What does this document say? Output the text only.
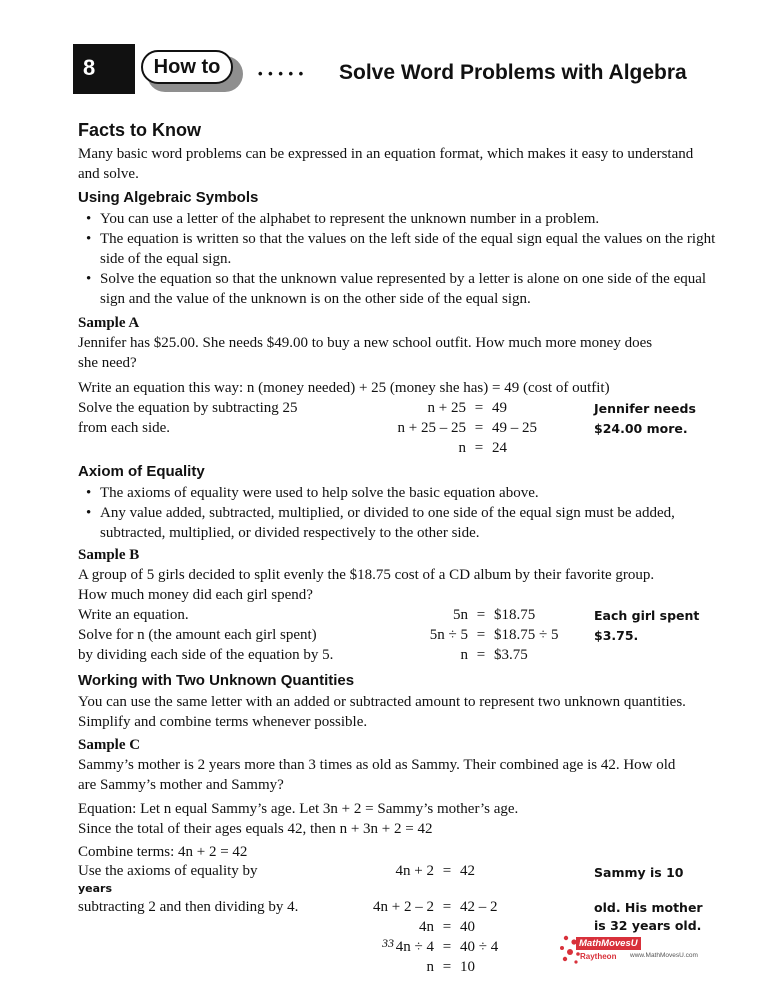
8	How to	• • • • • Solve Word Problems with Algebra
Facts to Know
Many basic word problems can be expressed in an equation format, which makes it easy to understand
and solve.
Using Algebraic Symbols
• You can use a letter of the alphabet to represent the unknown number in a problem.
• The equation is written so that the values on the left side of the equal sign equal the values on the right side of the equal sign.
• Solve the equation so that the unknown value represented by a letter is alone on one side of the equal sign and the value of the unknown is on the other side of the equal sign.
Sample A
Jennifer has $25.00. She needs $49.00 to buy a new school outfit. How much more money does
she need?
Write an equation this way: n (money needed) + 25 (money she has) = 49 (cost of outfit)
Solve the equation by subtracting 25
from each side.
n + 25	=	49
n + 25 – 25	=	49 – 25
n	=	24
Jennifer needs
$24.00 more.
Axiom of Equality
• The axioms of equality were used to help solve the basic equation above.
• Any value added, subtracted, multiplied, or divided to one side of the equal sign must be added, subtracted, multiplied, or divided respectively to the other side.
Sample B
A group of 5 girls decided to split evenly the $18.75 cost of a CD album by their favorite group.
How much money did each girl spend?
Write an equation.
Solve for n (the amount each girl spent)
by dividing each side of the equation by 5.
5n	=	$18.75
5n ÷ 5	=	$18.75 ÷ 5
n	=	$3.75
Each girl spent
$3.75.
Working with Two Unknown Quantities
You can use the same letter with an added or subtracted amount to represent two unknown quantities.
Simplify and combine terms whenever possible.
Sample C
Sammy’s mother is 2 years more than 3 times as old as Sammy. Their combined age is 42. How old
are Sammy’s mother and Sammy?
Equation: Let n equal Sammy’s age. Let 3n + 2 = Sammy’s mother’s age.
Since the total of their ages equals 42, then n + 3n + 2 = 42
Combine terms: 4n + 2 = 42
Use the axioms of equality by
years
subtracting 2 and then dividing by 4.
4n + 2	=	42
4n + 2 – 2	=	42 – 2
4n	=	40
4n ÷ 4	=	40 ÷ 4
n	=	10
Sammy is 10
old. His mother
is 32 years old.
33	MathMovesU
Raytheon www.MathMovesU.com
